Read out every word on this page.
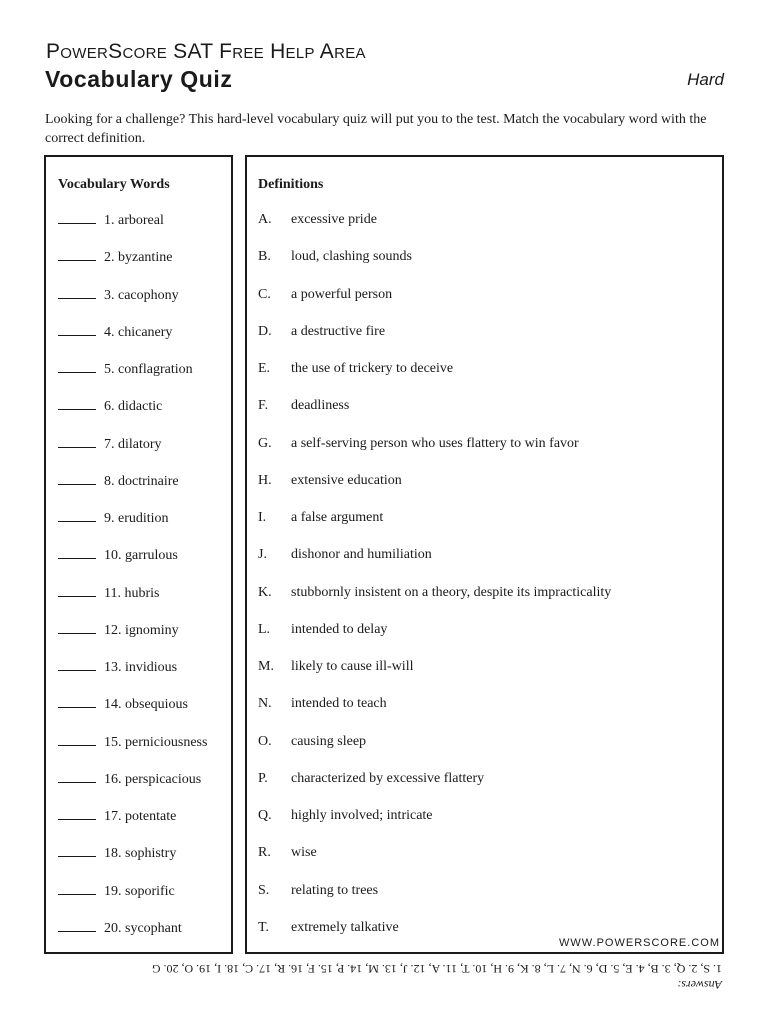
PowerScore SAT Free Help Area
Vocabulary Quiz	Hard
Looking for a challenge? This hard-level vocabulary quiz will put you to the test. Match the vocabulary word with the correct definition.
Vocabulary Words
1. arboreal
2. byzantine
3. cacophony
4. chicanery
5. conflagration
6. didactic
7. dilatory
8. doctrinaire
9. erudition
10. garrulous
11. hubris
12. ignominy
13. invidious
14. obsequious
15. perniciousness
16. perspicacious
17. potentate
18. sophistry
19. soporific
20. sycophant
Definitions
A. excessive pride
B. loud, clashing sounds
C. a powerful person
D. a destructive fire
E. the use of trickery to deceive
F. deadliness
G. a self-serving person who uses flattery to win favor
H. extensive education
I. a false argument
J. dishonor and humiliation
K. stubbornly insistent on a theory, despite its impracticality
L. intended to delay
M. likely to cause ill-will
N. intended to teach
O. causing sleep
P. characterized by excessive flattery
Q. highly involved; intricate
R. wise
S. relating to trees
T. extremely talkative
WWW.POWERSCORE.COM
Answers:
1. S, 2. Q, 3. B, 4. E, 5. D, 6. N, 7. L, 8. K, 9. H, 10. T, 11. A, 12. J, 13. M, 14. P, 15. F, 16. R, 17. C, 18. I, 19. O, 20. G
